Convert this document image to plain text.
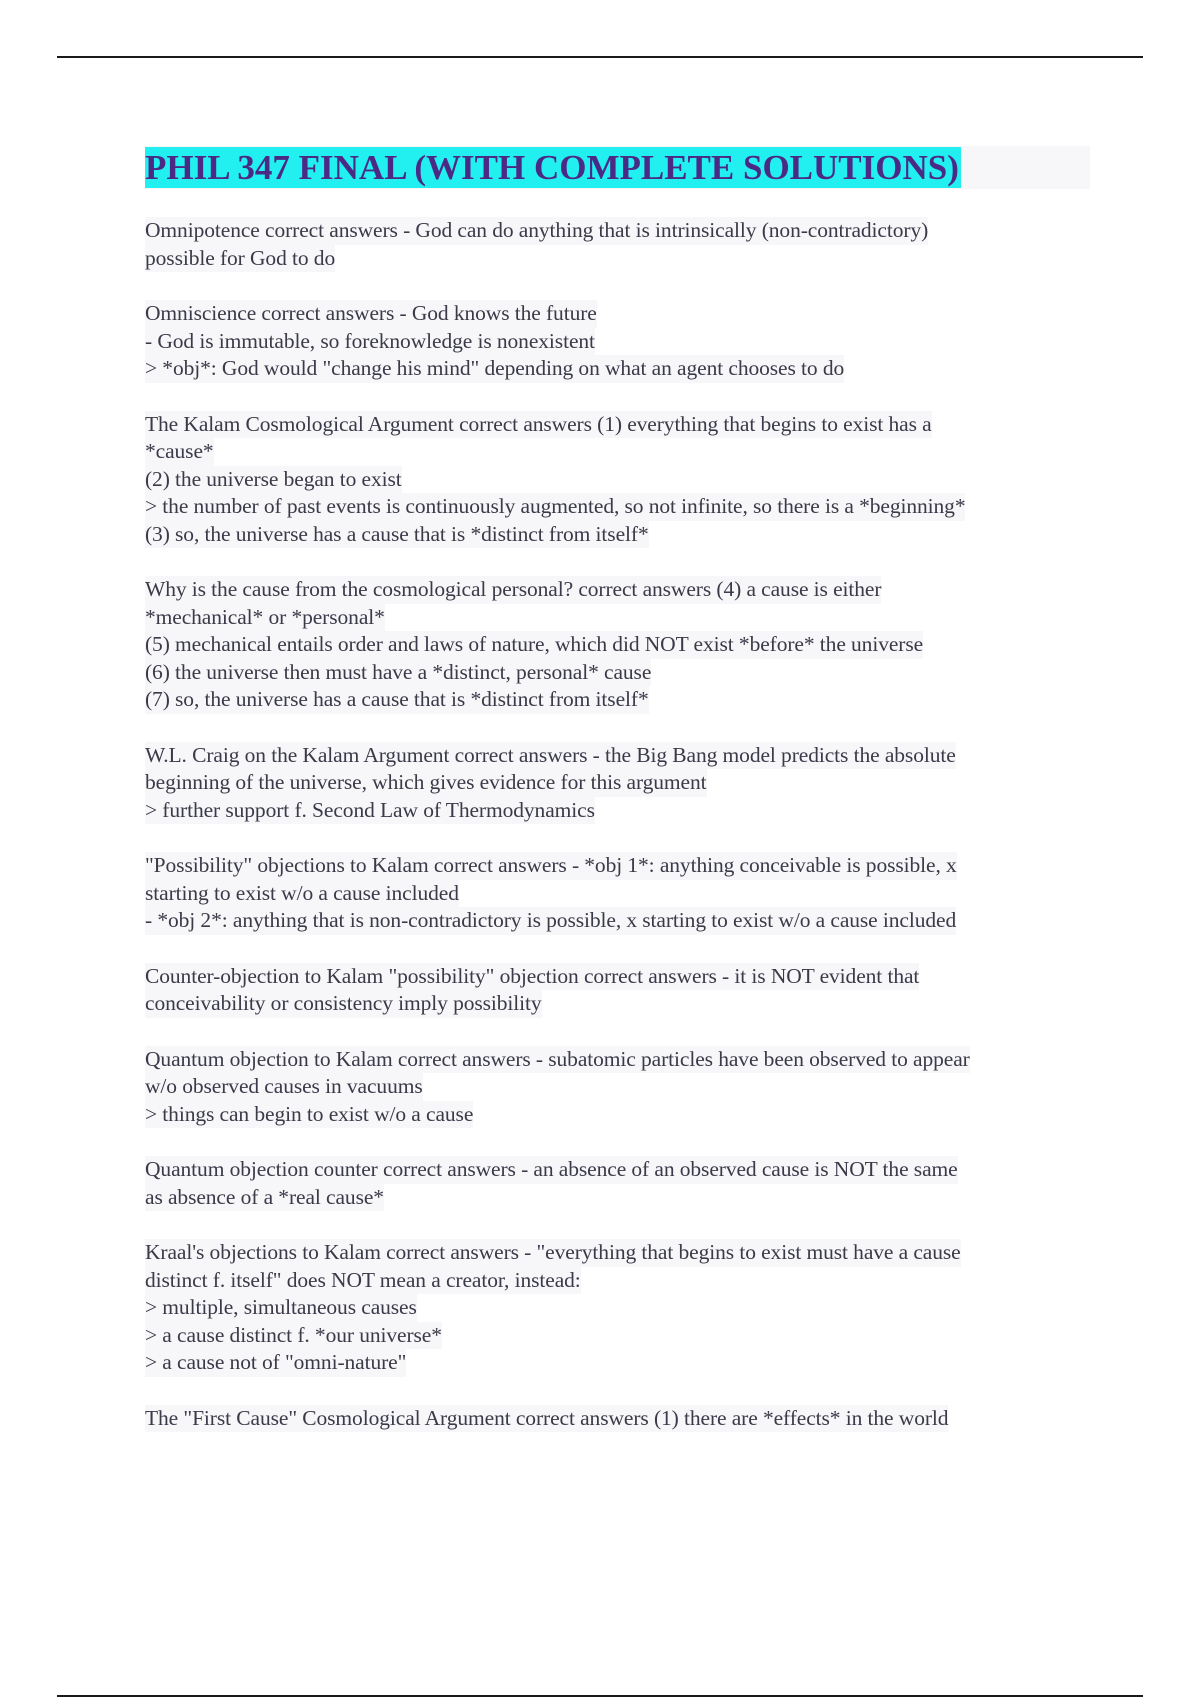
PHIL 347 FINAL (WITH COMPLETE SOLUTIONS)
Omnipotence correct answers - God can do anything that is intrinsically (non-contradictory)
possible for God to do
Omniscience correct answers - God knows the future
- God is immutable, so foreknowledge is nonexistent
> *obj*: God would "change his mind" depending on what an agent chooses to do
The Kalam Cosmological Argument correct answers (1) everything that begins to exist has a
*cause*
(2) the universe began to exist
> the number of past events is continuously augmented, so not infinite, so there is a *beginning*
(3) so, the universe has a cause that is *distinct from itself*
Why is the cause from the cosmological personal? correct answers (4) a cause is either
*mechanical* or *personal*
(5) mechanical entails order and laws of nature, which did NOT exist *before* the universe
(6) the universe then must have a *distinct, personal* cause
(7) so, the universe has a cause that is *distinct from itself*
W.L. Craig on the Kalam Argument correct answers - the Big Bang model predicts the absolute
beginning of the universe, which gives evidence for this argument
> further support f. Second Law of Thermodynamics
"Possibility" objections to Kalam correct answers - *obj 1*: anything conceivable is possible, x
starting to exist w/o a cause included
- *obj 2*: anything that is non-contradictory is possible, x starting to exist w/o a cause included
Counter-objection to Kalam "possibility" objection correct answers - it is NOT evident that
conceivability or consistency imply possibility
Quantum objection to Kalam correct answers - subatomic particles have been observed to appear
w/o observed causes in vacuums
> things can begin to exist w/o a cause
Quantum objection counter correct answers - an absence of an observed cause is NOT the same
as absence of a *real cause*
Kraal's objections to Kalam correct answers - "everything that begins to exist must have a cause
distinct f. itself" does NOT mean a creator, instead:
> multiple, simultaneous causes
> a cause distinct f. *our universe*
> a cause not of "omni-nature"
The "First Cause" Cosmological Argument correct answers (1) there are *effects* in the world
